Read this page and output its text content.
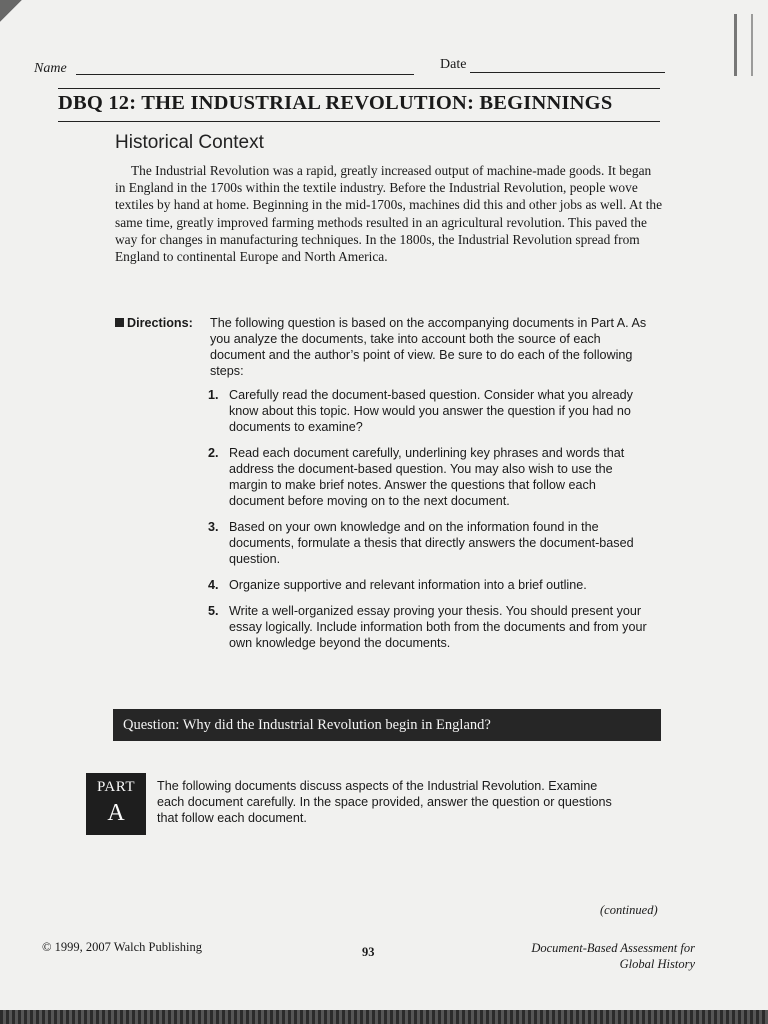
Name	Date
DBQ 12: THE INDUSTRIAL REVOLUTION: BEGINNINGS
Historical Context
The Industrial Revolution was a rapid, greatly increased output of machine-made goods. It began in England in the 1700s within the textile industry. Before the Industrial Revolution, people wove textiles by hand at home. Beginning in the mid-1700s, machines did this and other jobs as well. At the same time, greatly improved farming methods resulted in an agricultural revolution. This paved the way for changes in manufacturing techniques. In the 1800s, the Industrial Revolution spread from England to continental Europe and North America.
Directions: The following question is based on the accompanying documents in Part A. As you analyze the documents, take into account both the source of each document and the author’s point of view. Be sure to do each of the following steps:
1. Carefully read the document-based question. Consider what you already know about this topic. How would you answer the question if you had no documents to examine?
2. Read each document carefully, underlining key phrases and words that address the document-based question. You may also wish to use the margin to make brief notes. Answer the questions that follow each document before moving on to the next document.
3. Based on your own knowledge and on the information found in the documents, formulate a thesis that directly answers the document-based question.
4. Organize supportive and relevant information into a brief outline.
5. Write a well-organized essay proving your thesis. You should present your essay logically. Include information both from the documents and from your own knowledge beyond the documents.
Question: Why did the Industrial Revolution begin in England?
PART
A
The following documents discuss aspects of the Industrial Revolution. Examine each document carefully. In the space provided, answer the question or questions that follow each document.
(continued)
© 1999, 2007 Walch Publishing	93	Document-Based Assessment for
Global History
